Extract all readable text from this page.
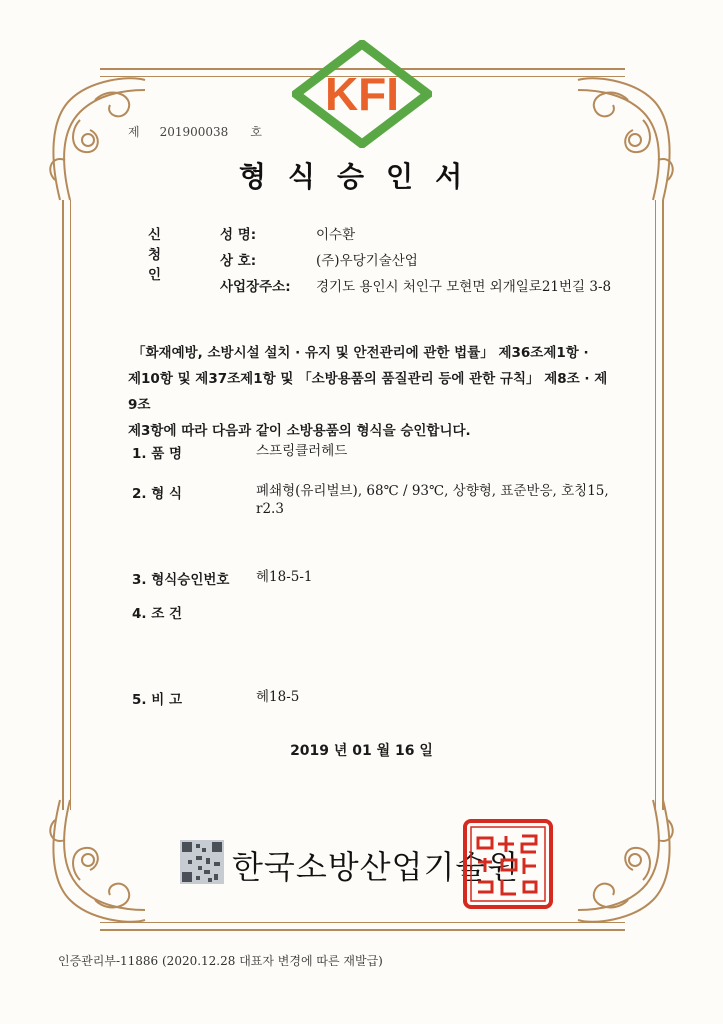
KFI
제 201900038 호
형식승인서
신청인
성 명:	이수환
상 호:	(주)우당기술산업
사업장주소:	경기도 용인시 처인구 모현면 외개일로21번길 3-8

「화재예방, 소방시설 설치 · 유지 및 안전관리에 관한 법률」 제36조제1항 ·

제10항 및 제37조제1항 및 「소방용품의 품질관리 등에 관한 규칙」 제8조 · 제9조

제3항에 따라 다음과 같이 소방용품의 형식을 승인합니다.

1. 품 명	스프링클러헤드
2. 형 식	폐쇄형(유리벌브), 68℃ / 93℃, 상향형, 표준반응, 호칭15, r2.3
3. 형식승인번호 헤18-5-1
4. 조 건
5. 비 고	헤18-5
2019 년 01 월 16 일
한국소방산업기술원
인증관리부-11886 (2020.12.28 대표자 변경에 따른 재발급)
